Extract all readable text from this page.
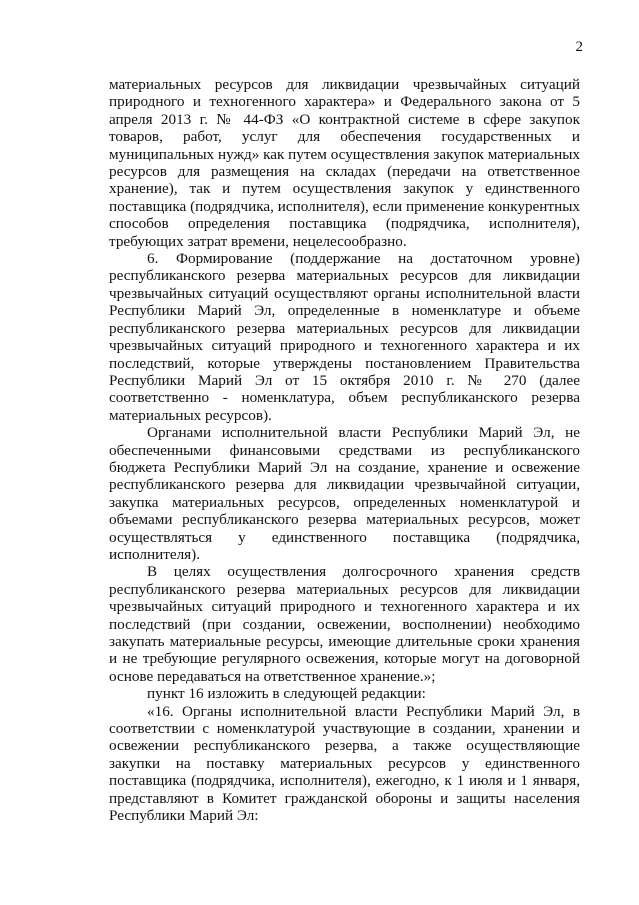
2

материальных ресурсов для ликвидации чрезвычайных ситуаций природного и техногенного характера» и Федерального закона от 5 апреля 2013 г. № 44-ФЗ «О контрактной системе в сфере закупок товаров, работ, услуг для обеспечения государственных и муниципальных нужд» как путем осуществления закупок материальных ресурсов для размещения на складах (передачи на ответственное хранение), так и путем осуществления закупок у единственного поставщика (подрядчика, исполнителя), если применение конкурентных способов определения поставщика (подрядчика, исполнителя), требующих затрат времени, нецелесообразно.

6. Формирование (поддержание на достаточном уровне) республиканского резерва материальных ресурсов для ликвидации чрезвычайных ситуаций осуществляют органы исполнительной власти Республики Марий Эл, определенные в номенклатуре и объеме республиканского резерва материальных ресурсов для ликвидации чрезвычайных ситуаций природного и техногенного характера и их последствий, которые утверждены постановлением Правительства Республики Марий Эл от 15 октября 2010 г. № 270 (далее соответственно - номенклатура, объем республиканского резерва материальных ресурсов).

Органами исполнительной власти Республики Марий Эл, не обеспеченными финансовыми средствами из республиканского бюджета Республики Марий Эл на создание, хранение и освежение республиканского резерва для ликвидации чрезвычайной ситуации, закупка материальных ресурсов, определенных номенклатурой и объемами республиканского резерва материальных ресурсов, может осуществляться у единственного поставщика (подрядчика, исполнителя).

В целях осуществления долгосрочного хранения средств республиканского резерва материальных ресурсов для ликвидации чрезвычайных ситуаций природного и техногенного характера и их последствий (при создании, освежении, восполнении) необходимо закупать материальные ресурсы, имеющие длительные сроки хранения и не требующие регулярного освежения, которые могут на договорной основе передаваться на ответственное хранение.»;

пункт 16 изложить в следующей редакции:

«16. Органы исполнительной власти Республики Марий Эл, в соответствии с номенклатурой участвующие в создании, хранении и освежении республиканского резерва, а также осуществляющие закупки на поставку материальных ресурсов у единственного поставщика (подрядчика, исполнителя), ежегодно, к 1 июля и 1 января, представляют в Комитет гражданской обороны и защиты населения Республики Марий Эл:
